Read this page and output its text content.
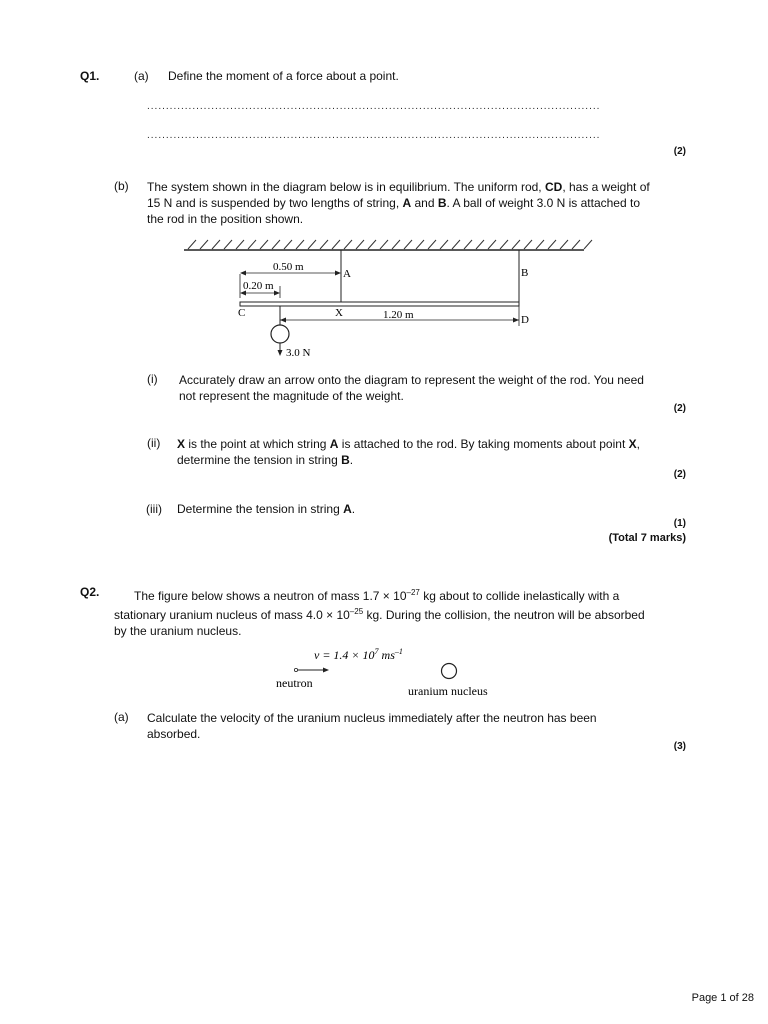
Q1.	(a) Define the moment of a force about a point.
........................................................................................................................
........................................................................................................................
(2)
(b) The system shown in the diagram below is in equilibrium. The uniform rod, CD, has a weight of 15 N and is suspended by two lengths of string, A and B. A ball of weight 3.0 N is attached to the rod in the position shown.
0.50 m
A	B
0.20 m
1.20 m
C	X
D
3.0 N
(i) Accurately draw an arrow onto the diagram to represent the weight of the rod. You need not represent the magnitude of the weight.
(2)
(ii) X is the point at which string A is attached to the rod. By taking moments about point X, determine the tension in string B.
(2)
(iii) Determine the tension in string A.
(1)
(Total 7 marks)
Q2.	The figure below shows a neutron of mass $1.7 \times 10^{-27}$ kg about to collide inelastically with a stationary uranium nucleus of mass $4.0 \times 10^{-25}$ kg. During the collision, the neutron will be absorbed by the uranium nucleus.
$v = 1.4 \times 10^7$ $ms^{-1}$
neutron
uranium nucleus
(a) Calculate the velocity of the uranium nucleus immediately after the neutron has been absorbed.
(3)
Page 1 of 28
